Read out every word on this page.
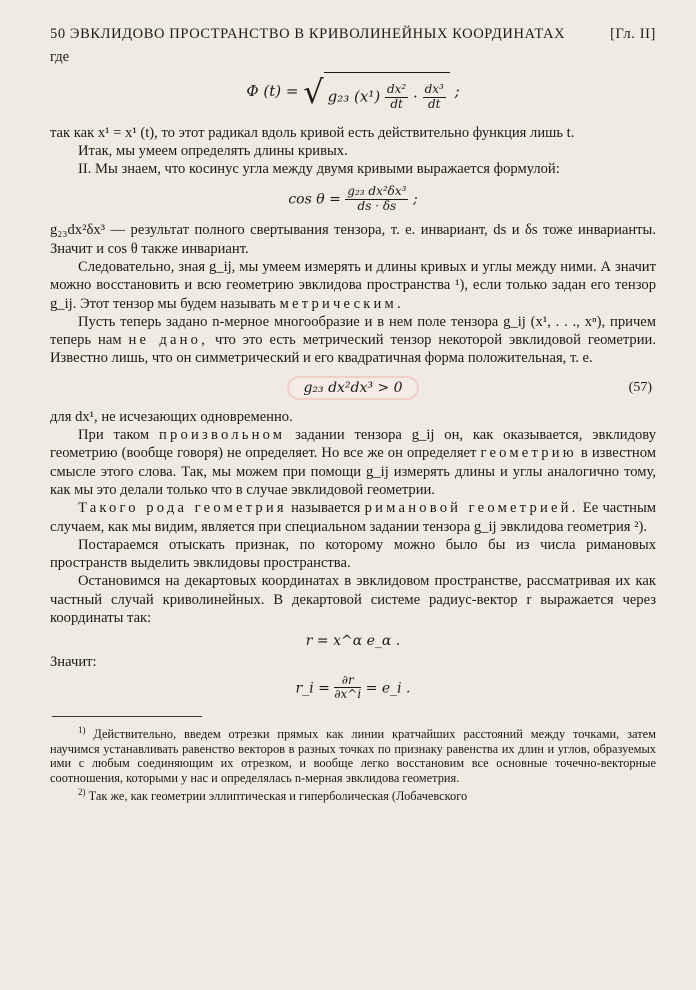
50 ЭВКЛИДОВО ПРОСТРАНСТВО В КРИВОЛИНЕЙНЫХ КООРДИНАТАХ	[Гл. II]

где

Φ (t) = √ g₂₃ $(x^1) \frac{\text{dx²}}{dt} \cdot \frac{\text{dx³}}{dt}$ ;

так как x¹ = x¹ (t), то этот радикал вдоль кривой есть действительно функция лишь t.

Итак, мы умеем определять длины кривых.

II. Мы знаем, что косинус угла между двумя кривыми выражается формулой:

$\cos \theta = \frac{\text{g₂₃ dx²δx³}}{ds \cdot \delta s}$ ;

g₂₃dx²δx³ — результат полного свертывания тензора, т. е. инвариант, ds и δs тоже инварианты. Значит и cos θ также инвариант.

Следовательно, зная g_ij, мы умеем измерять и длины кривых и углы между ними. А значит можно восстановить и всю геометрию эвклидова пространства ¹), если только задан его тензор g_ij. Этот тензор мы будем называть метрическим.

Пусть теперь задано n-мерное многообразие и в нем поле тензора g_ij (x¹, . . ., xⁿ), причем теперь нам не дано, что это есть метрический тензор некоторой эвклидовой геометрии. Известно лишь, что он симметрический и его квадратичная форма положительная, т. е.

g₂₃ dx²dx³ > 0	(57)

для dx¹, не исчезающих одновременно.

При таком произвольном задании тензора g_ij он, как оказывается, эвклидову геометрию (вообще говоря) не определяет. Но все же он определяет геометрию в известном смысле этого слова. Так, мы можем при помощи g_ij измерять длины и углы аналогично тому, как мы это делали только что в случае эвклидовой геометрии.

Такого рода геометрия называется римановой геометрией. Ее частным случаем, как мы видим, является при специальном задании тензора g_ij эвклидова геометрия ²).

Постараемся отыскать признак, по которому можно было бы из числа римановых пространств выделить эвклидовы пространства.

Остановимся на декартовых координатах в эвклидовом пространстве, рассматривая их как частный случай криволинейных. В декартовой системе радиус-вектор r выражается через координаты так:

r = x^α e_α .

Значит:

r_i = $\frac{\partial r}{\partial x\^{}i}$ = e_i .

$^{1)}$ Действительно, введем отрезки прямых как линии кратчайших расстояний между точками, затем научимся устанавливать равенство векторов в разных точках по признаку равенства их длин и углов, образуемых ими с любым соединяющим их отрезком, и вообще легко восстановим все основные точечно-векторные соотношения, которыми у нас и определялась n-мерная эвклидова геометрия.

$^{2)}$ Так же, как геометрии эллиптическая и гиперболическая (Лобачевского
